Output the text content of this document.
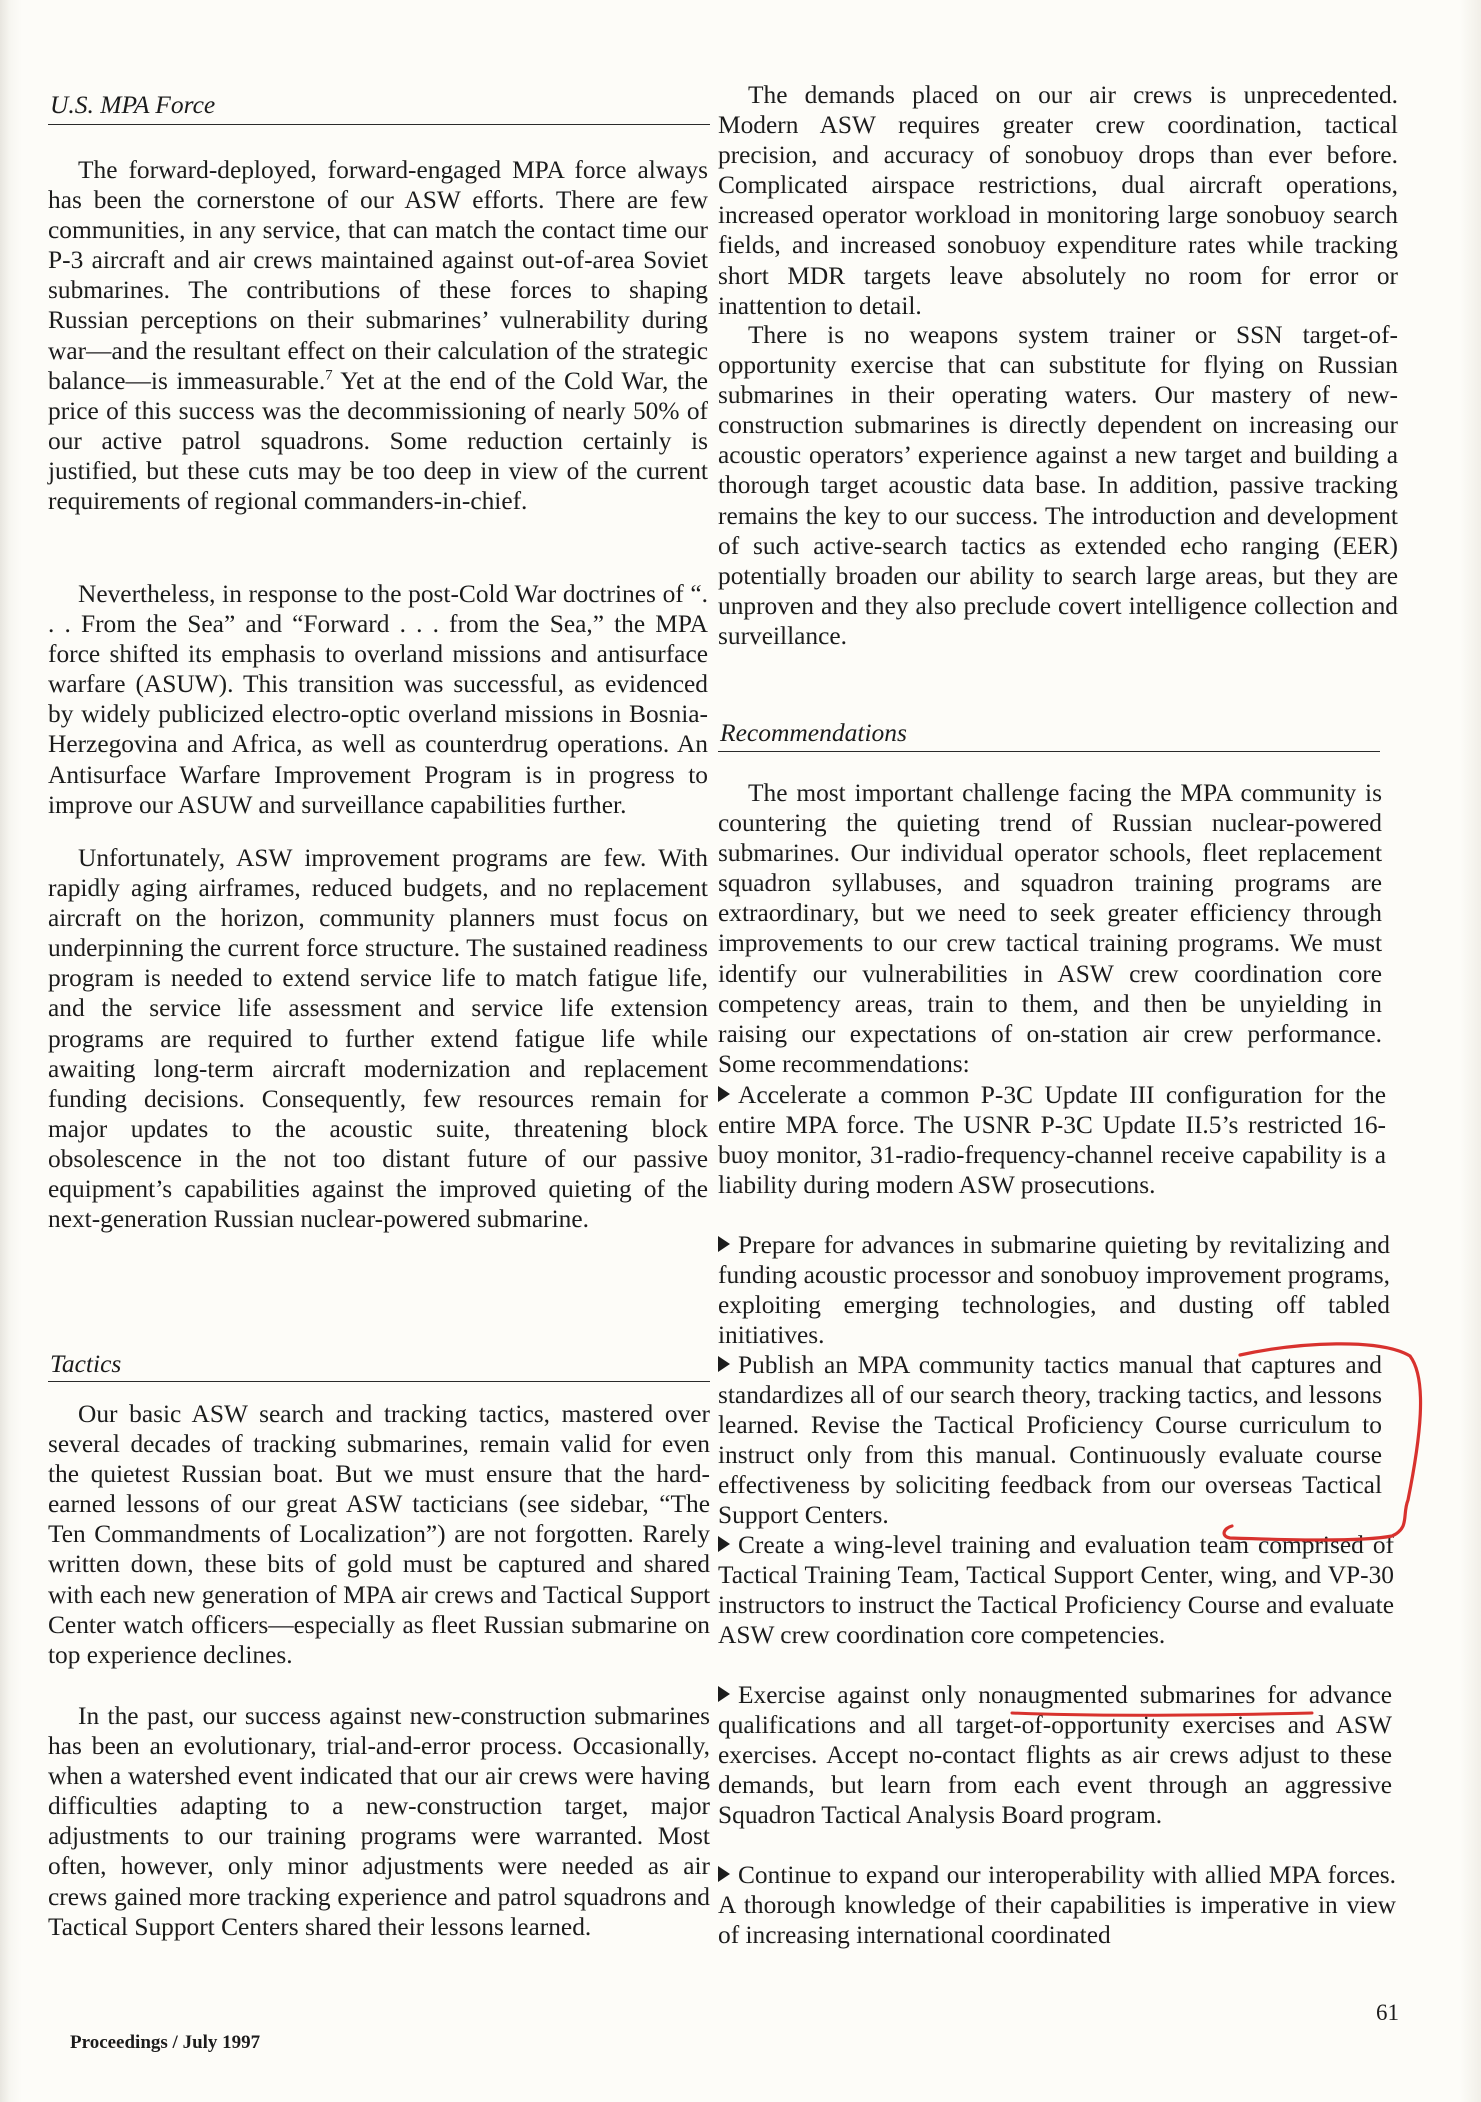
U.S. MPA Force

The forward-deployed, forward-engaged MPA force always has been the cornerstone of our ASW efforts. There are few communities, in any service, that can match the contact time our P-3 aircraft and air crews maintained against out-of-area Soviet submarines. The contributions of these forces to shaping Russian perceptions on their submarines’ vulnerability during war—and the resultant effect on their calculation of the strategic balance—is immeasurable.$^7$ Yet at the end of the Cold War, the price of this success was the decommissioning of nearly 50% of our active patrol squadrons. Some reduction certainly is justified, but these cuts may be too deep in view of the current requirements of regional commanders-in-chief.

Nevertheless, in response to the post-Cold War doctrines of “. . . From the Sea” and “Forward . . . from the Sea,” the MPA force shifted its emphasis to overland missions and antisurface warfare (ASUW). This transition was successful, as evidenced by widely publicized electro-optic overland missions in Bosnia-Herzegovina and Africa, as well as counterdrug operations. An Antisurface Warfare Improvement Program is in progress to improve our ASUW and surveillance capabilities further.

Unfortunately, ASW improvement programs are few. With rapidly aging airframes, reduced budgets, and no replacement aircraft on the horizon, community planners must focus on underpinning the current force structure. The sustained readiness program is needed to extend service life to match fatigue life, and the service life assessment and service life extension programs are required to further extend fatigue life while awaiting long-term aircraft modernization and replacement funding decisions. Consequently, few resources remain for major updates to the acoustic suite, threatening block obsolescence in the not too distant future of our passive equipment’s capabilities against the improved quieting of the next-generation Russian nuclear-powered submarine.

Tactics

Our basic ASW search and tracking tactics, mastered over several decades of tracking submarines, remain valid for even the quietest Russian boat. But we must ensure that the hard-earned lessons of our great ASW tacticians (see sidebar, “The Ten Commandments of Localization”) are not forgotten. Rarely written down, these bits of gold must be captured and shared with each new generation of MPA air crews and Tactical Support Center watch officers—especially as fleet Russian submarine on top experience declines.

In the past, our success against new-construction submarines has been an evolutionary, trial-and-error process. Occasionally, when a watershed event indicated that our air crews were having difficulties adapting to a new-construction target, major adjustments to our training programs were warranted. Most often, however, only minor adjustments were needed as air crews gained more tracking experience and patrol squadrons and Tactical Support Centers shared their lessons learned.

The demands placed on our air crews is unprecedented. Modern ASW requires greater crew coordination, tactical precision, and accuracy of sonobuoy drops than ever before. Complicated airspace restrictions, dual aircraft operations, increased operator workload in monitoring large sonobuoy search fields, and increased sonobuoy expenditure rates while tracking short MDR targets leave absolutely no room for error or inattention to detail.

There is no weapons system trainer or SSN target-of-opportunity exercise that can substitute for flying on Russian submarines in their operating waters. Our mastery of new-construction submarines is directly dependent on increasing our acoustic operators’ experience against a new target and building a thorough target acoustic data base. In addition, passive tracking remains the key to our success. The introduction and development of such active-search tactics as extended echo ranging (EER) potentially broaden our ability to search large areas, but they are unproven and they also preclude covert intelligence collection and surveillance.

Recommendations

The most important challenge facing the MPA community is countering the quieting trend of Russian nuclear-powered submarines. Our individual operator schools, fleet replacement squadron syllabuses, and squadron training programs are extraordinary, but we need to seek greater efficiency through improvements to our crew tactical training programs. We must identify our vulnerabilities in ASW crew coordination core competency areas, train to them, and then be unyielding in raising our expectations of on-station air crew performance. Some recommendations:

Accelerate a common P-3C Update III configuration for the entire MPA force. The USNR P-3C Update II.5’s restricted 16-buoy monitor, 31-radio-frequency-channel receive capability is a liability during modern ASW prosecutions.

Prepare for advances in submarine quieting by revitalizing and funding acoustic processor and sonobuoy improvement programs, exploiting emerging technologies, and dusting off tabled initiatives.

Publish an MPA community tactics manual that captures and standardizes all of our search theory, tracking tactics, and lessons learned. Revise the Tactical Proficiency Course curriculum to instruct only from this manual. Continuously evaluate course effectiveness by soliciting feedback from our overseas Tactical Support Centers.

Create a wing-level training and evaluation team comprised of Tactical Training Team, Tactical Support Center, wing, and VP-30 instructors to instruct the Tactical Proficiency Course and evaluate ASW crew coordination core competencies.

Exercise against only nonaugmented submarines for advance qualifications and all target-of-opportunity exercises and ASW exercises. Accept no-contact flights as air crews adjust to these demands, but learn from each event through an aggressive Squadron Tactical Analysis Board program.

Continue to expand our interoperability with allied MPA forces. A thorough knowledge of their capabilities is imperative in view of increasing international coordinated

Proceedings / July 1997
61
